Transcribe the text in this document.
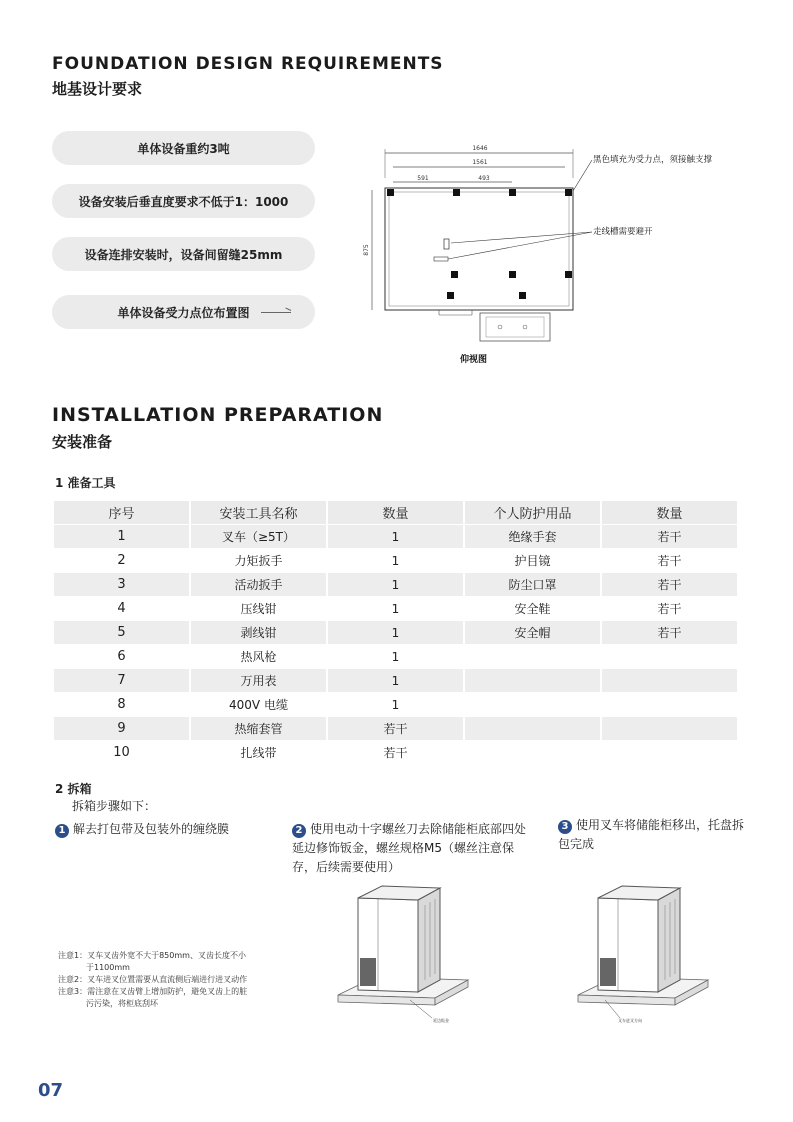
FOUNDATION DESIGN REQUIREMENTS
地基设计要求
单体设备重约3吨
设备安装后垂直度要求不低于1：1000
设备连排安装时，设备间留缝25mm
单体设备受力点位布置图
1646
1561
591	493
875
黑色填充为受力点，须接触支撑
走线槽需要避开
仰视图
INSTALLATION PREPARATION
安装准备
1 准备工具
序号	安装工具名称	数量	个人防护用品	数量
1	叉车（≥5T）	1	绝缘手套	若干
2	力矩扳手	1	护目镜	若干
3	活动扳手	1	防尘口罩	若干
4	压线钳	1	安全鞋	若干
5	剥线钳	1	安全帽	若干
6	热风枪	1		
7	万用表	1		
8	400V 电缆	1		
9	热缩套管	若干		
10	扎线带	若干		
2 拆箱
拆箱步骤如下：
1 解去打包带及包装外的缠绕膜	2 使用电动十字螺丝刀去除储能柜底部四处延边修饰钣金，螺丝规格M5（螺丝注意保存，后续需要使用）
3 使用叉车将储能柜移出，托盘拆包完成
延边钣金	叉车进叉方向
注意1：叉车叉齿外宽不大于850mm、叉齿长度不小于1100mm
注意2：叉车进叉位置需要从直流侧后端进行进叉动作
注意3：需注意在叉齿臂上增加防护，避免叉齿上的脏污污染，将柜底刮坏
07
